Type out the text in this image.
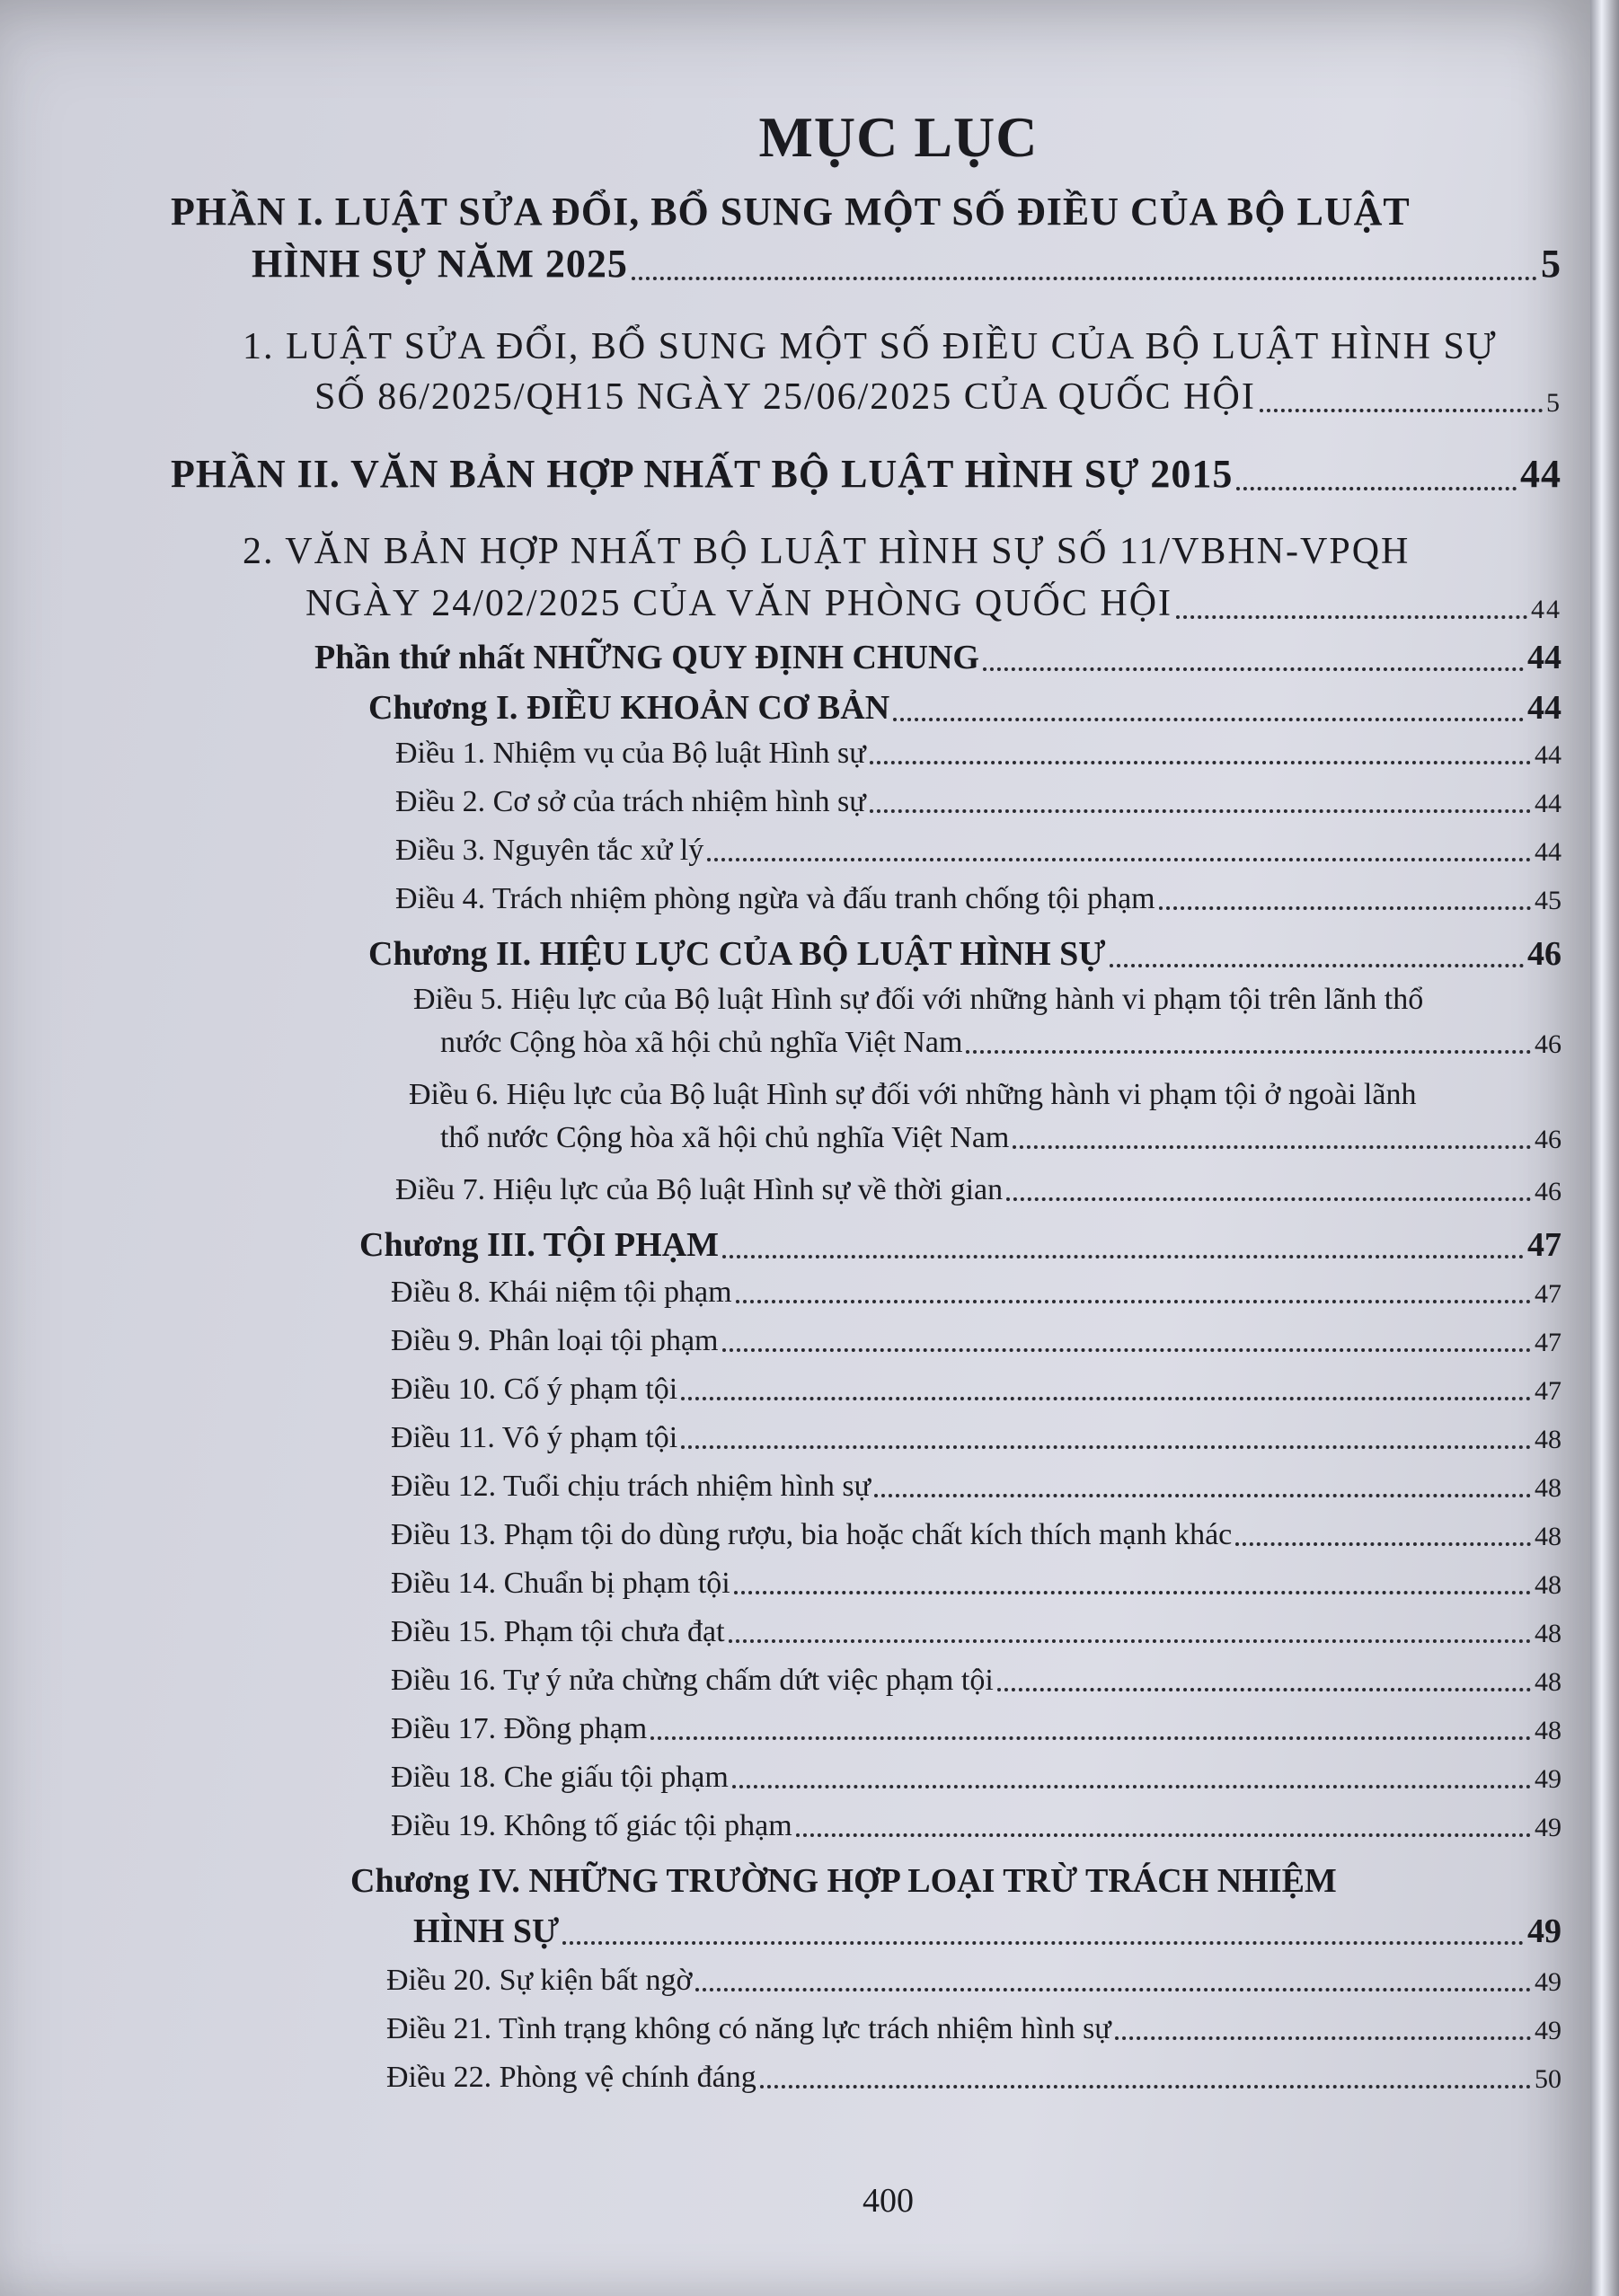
MỤC LỤC
PHẦN I. LUẬT SỬA ĐỔI, BỔ SUNG MỘT SỐ ĐIỀU CỦA BỘ LUẬT
HÌNH SỰ NĂM 2025	5
1. LUẬT SỬA ĐỔI, BỔ SUNG MỘT SỐ ĐIỀU CỦA BỘ LUẬT HÌNH SỰ
SỐ 86/2025/QH15 NGÀY 25/06/2025 CỦA QUỐC HỘI	5
PHẦN II. VĂN BẢN HỢP NHẤT BỘ LUẬT HÌNH SỰ 2015	44
2. VĂN BẢN HỢP NHẤT BỘ LUẬT HÌNH SỰ SỐ 11/VBHN-VPQH
NGÀY 24/02/2025 CỦA VĂN PHÒNG QUỐC HỘI	44
Phần thứ nhất NHỮNG QUY ĐỊNH CHUNG	44
Chương I. ĐIỀU KHOẢN CƠ BẢN	44
Điều 1. Nhiệm vụ của Bộ luật Hình sự	44
Điều 2. Cơ sở của trách nhiệm hình sự	44
Điều 3. Nguyên tắc xử lý	44
Điều 4. Trách nhiệm phòng ngừa và đấu tranh chống tội phạm	45
Chương II. HIỆU LỰC CỦA BỘ LUẬT HÌNH SỰ	46
Điều 5. Hiệu lực của Bộ luật Hình sự đối với những hành vi phạm tội trên lãnh thổ
nước Cộng hòa xã hội chủ nghĩa Việt Nam	46
Điều 6. Hiệu lực của Bộ luật Hình sự đối với những hành vi phạm tội ở ngoài lãnh
thổ nước Cộng hòa xã hội chủ nghĩa Việt Nam	46
Điều 7. Hiệu lực của Bộ luật Hình sự về thời gian	46
Chương III. TỘI PHẠM	47
Điều 8. Khái niệm tội phạm	47
Điều 9. Phân loại tội phạm	47
Điều 10. Cố ý phạm tội	47
Điều 11. Vô ý phạm tội	48
Điều 12. Tuổi chịu trách nhiệm hình sự	48
Điều 13. Phạm tội do dùng rượu, bia hoặc chất kích thích mạnh khác	48
Điều 14. Chuẩn bị phạm tội	48
Điều 15. Phạm tội chưa đạt	48
Điều 16. Tự ý nửa chừng chấm dứt việc phạm tội	48
Điều 17. Đồng phạm	48
Điều 18. Che giấu tội phạm	49
Điều 19. Không tố giác tội phạm	49
Chương IV. NHỮNG TRƯỜNG HỢP LOẠI TRỪ TRÁCH NHIỆM
HÌNH SỰ	49
Điều 20. Sự kiện bất ngờ	49
Điều 21. Tình trạng không có năng lực trách nhiệm hình sự	49
Điều 22. Phòng vệ chính đáng	50
400
